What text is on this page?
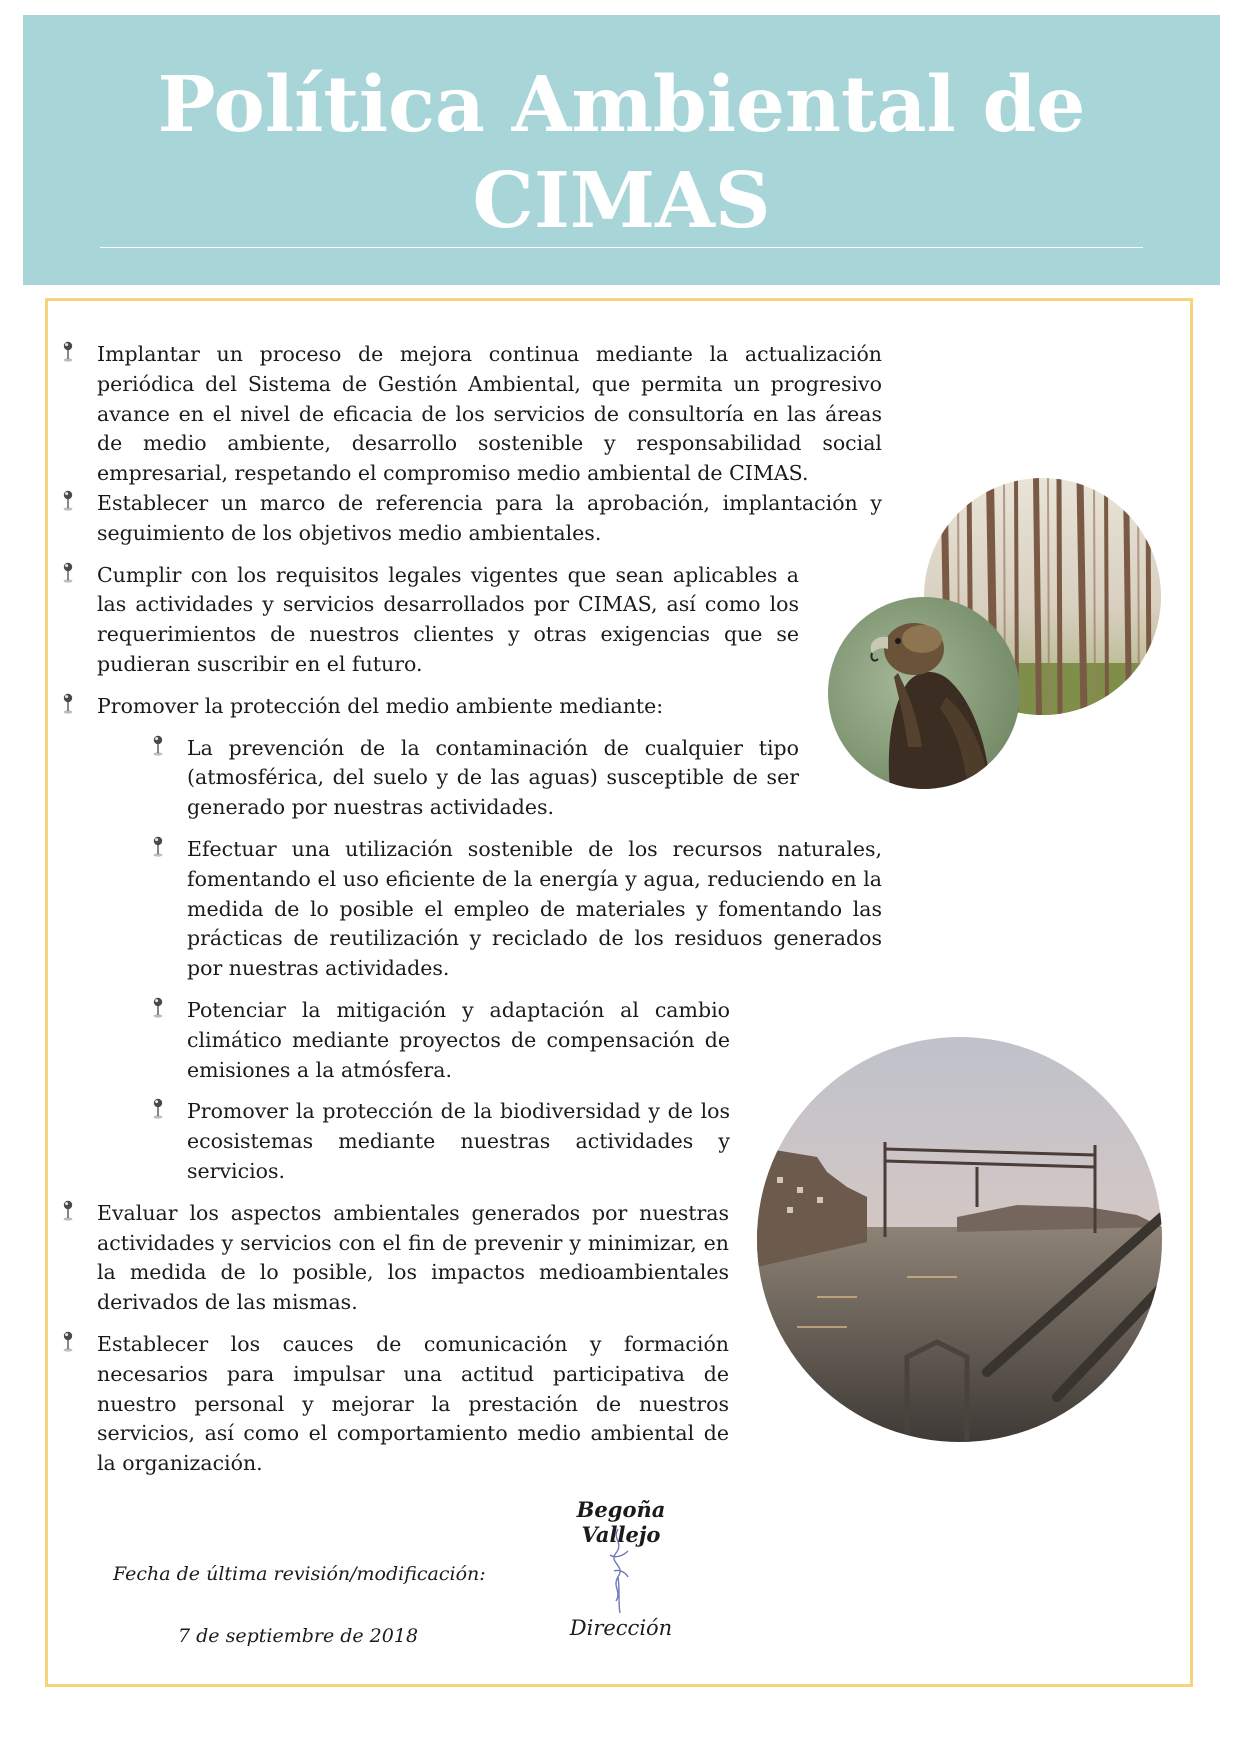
Política Ambiental de
CIMAS
Implantar un proceso de mejora continua mediante la actualización periódica del Sistema de Gestión Ambiental, que permita un progresivo avance en el nivel de eficacia de los servicios de consultoría en las áreas de medio ambiente, desarrollo sostenible y responsabilidad social empresarial, respetando el compromiso medio ambiental de CIMAS.
Establecer un marco de referencia para la aprobación, implantación y seguimiento de los objetivos medio ambientales.
Cumplir con los requisitos legales vigentes que sean aplicables a las actividades y servicios desarrollados por CIMAS, así como los requerimientos de nuestros clientes y otras exigencias que se pudieran suscribir en el futuro.
Promover la protección del medio ambiente mediante:
La prevención de la contaminación de cualquier tipo (atmosférica, del suelo y de las aguas) susceptible de ser generado por nuestras actividades.
Efectuar una utilización sostenible de los recursos naturales, fomentando el uso eficiente de la energía y agua, reduciendo en la medida de lo posible el empleo de materiales y fomentando las prácticas de reutilización y reciclado de los residuos generados por nuestras actividades.
Potenciar la mitigación y adaptación al cambio climático mediante proyectos de compensación de emisiones a la atmósfera.
Promover la protección de la biodiversidad y de los ecosistemas mediante nuestras actividades y servicios.
Evaluar los aspectos ambientales generados por nuestras actividades y servicios con el fin de prevenir y minimizar, en la medida de lo posible, los impactos medioambientales derivados de las mismas.
Establecer los cauces de comunicación y formación necesarios para impulsar una actitud participativa de nuestro personal y mejorar la prestación de nuestros servicios, así como el comportamiento medio ambiental de la organización.
Fecha de última revisión/modificación:
7 de septiembre de 2018
Begoña Vallejo
Dirección
